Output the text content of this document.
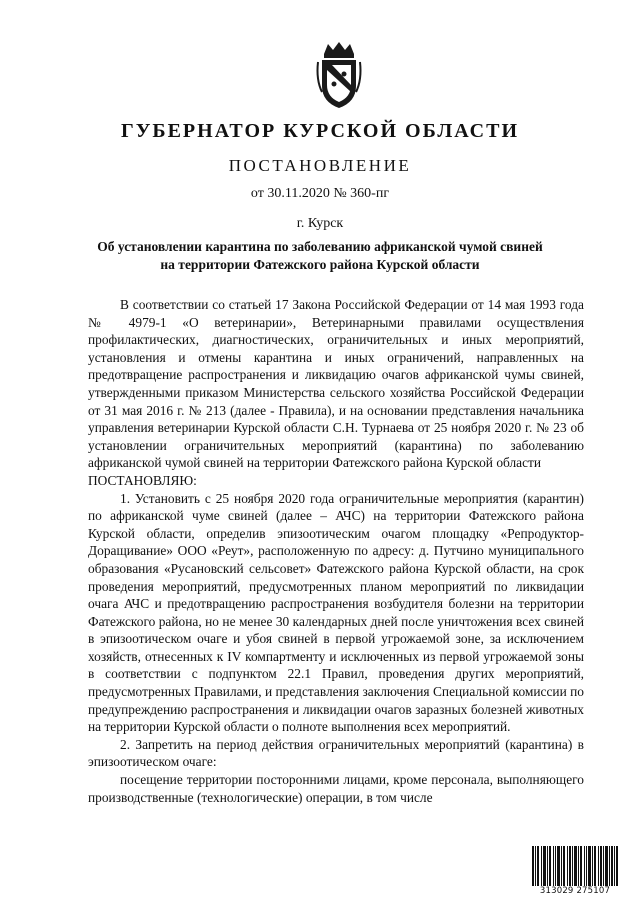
ГУБЕРНАТОР КУРСКОЙ ОБЛАСТИ
ПОСТАНОВЛЕНИЕ
от 30.11.2020 № 360-пг
г. Курск
Об установлении карантина по заболеванию африканской чумой свиней
на территории Фатежского района Курской области

В соответствии со статьей 17 Закона Российской Федерации от 14 мая 1993 года № 4979-1 «О ветеринарии», Ветеринарными правилами осуществления профилактических, диагностических, ограничительных и иных мероприятий, установления и отмены карантина и иных ограничений, направленных на предотвращение распространения и ликвидацию очагов африканской чумы свиней, утвержденными приказом Министерства сельского хозяйства Российской Федерации от 31 мая 2016 г. № 213 (далее - Правила), и на основании представления начальника управления ветеринарии Курской области С.Н. Турнаева от 25 ноября 2020 г. № 23 об установлении ограничительных мероприятий (карантина) по заболеванию африканской чумой свиней на территории Фатежского района Курской области

ПОСТАНОВЛЯЮ:

1. Установить с 25 ноября 2020 года ограничительные мероприятия (карантин) по африканской чуме свиней (далее – АЧС) на территории Фатежского района Курской области, определив эпизоотическим очагом площадку «Репродуктор-Доращивание» ООО «Реут», расположенную по адресу: д. Путчино муниципального образования «Русановский сельсовет» Фатежского района Курской области, на срок проведения мероприятий, предусмотренных планом мероприятий по ликвидации очага АЧС и предотвращению распространения возбудителя болезни на территории Фатежского района, но не менее 30 календарных дней после уничтожения всех свиней в эпизоотическом очаге и убоя свиней в первой угрожаемой зоне, за исключением хозяйств, отнесенных к IV компартменту и исключенных из первой угрожаемой зоны в соответствии с подпунктом 22.1 Правил, проведения других мероприятий, предусмотренных Правилами, и представления заключения Специальной комиссии по предупреждению распространения и ликвидации очагов заразных болезней животных на территории Курской области о полноте выполнения всех мероприятий.

2. Запретить на период действия ограничительных мероприятий (карантина) в эпизоотическом очаге:

посещение территории посторонними лицами, кроме персонала, выполняющего производственные (технологические) операции, в том числе

313029 275107
